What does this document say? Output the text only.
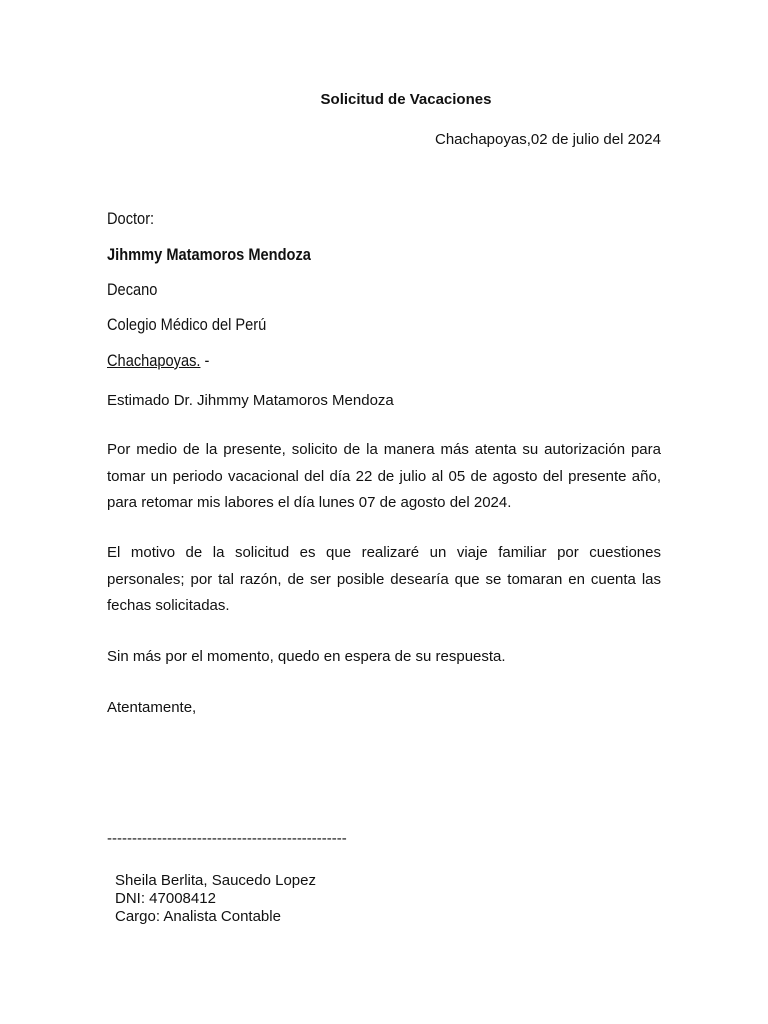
Solicitud de Vacaciones
Chachapoyas,02 de julio del 2024
Doctor:
Jihmmy Matamoros Mendoza
Decano
Colegio Médico del Perú
Chachapoyas. -
Estimado Dr. Jihmmy Matamoros Mendoza

Por medio de la presente, solicito de la manera más atenta su autorización para tomar un periodo vacacional del día 22 de julio al 05 de agosto del presente año, para retomar mis labores el día lunes 07 de agosto del 2024.

El motivo de la solicitud es que realizaré un viaje familiar por cuestiones personales; por tal razón, de ser posible desearía que se tomaran en cuenta las fechas solicitadas.

Sin más por el momento, quedo en espera de su respuesta.
Atentamente,
------------------------------------------------
Sheila Berlita, Saucedo Lopez
DNI: 47008412
Cargo: Analista Contable
